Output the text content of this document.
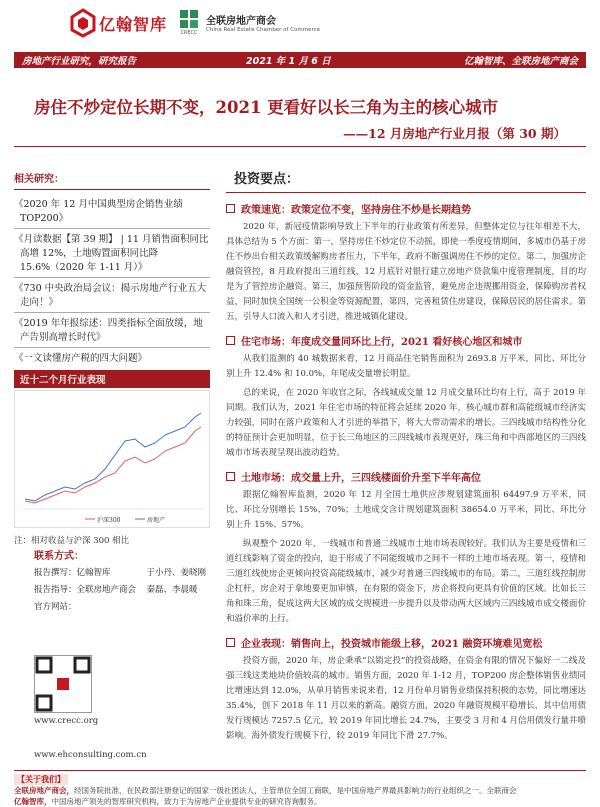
亿翰智库	CRECC
全联房地产商会
China Real Estate Chamber of Commerce
房地产行业研究，研究报告	2021 年 1 月 6 日	亿翰智库、全联房地产商会
房住不炒定位长期不变，2021 更看好以长三角为主的核心城市
——12 月房地产行业月报（第 30 期）
相关研究：
《2020 年 12 月中国典型房企销售业绩 TOP200》
《月读数据【第 39 期】 | 11 月销售面积同比高增 12%，土地购置面积同比降 15.6%（2020 年 1-11 月）》
《730 中央政治局会议：揭示房地产行业五大走向！》
《2019 年年报综述：四类指标全面放缓，地产告别高增长时代》
《一文读懂房产税的四大问题》
近十二个月行业表现
沪深300	房地产
注：相对收益与沪深 300 相比
联系方式：
报告撰写： 亿翰智库	于小丹、姜晓刚
报告指导： 全联房地产商会	秦磊、李晨暖
官方网站：
www.crecc.org
www.ehconsulting.com.cn
投资要点：
政策速览：政策定位不变，坚持房住不炒是长期趋势

2020 年，新冠疫情影响导致上下半年的行业政策有所差异，但整体定位与往年相差不大，具体总结为 5 个方面：第一，坚持房住不炒定位不动摇，即使一季度疫情期间，多城市仍基于房住不炒出台相关政策缓解购房者压力，下半年，政府不断强调房住不炒的定位。第二，加强房企融资管控，8 月政府提出三道红线，12 月底针对银行建立房地产贷款集中度管理制度，目的均是为了管控房企融资。第三，加强预售阶段的资金监管，避免房企违规挪用资金，保障购房者权益，同时加快全国统一公积金等资源配置，第四，完善租赁住房建设，保障居民的居住需求。第五，引导人口流入和人才引进，推进城镇化建设。

住宅市场：年度成交量同环比上行，2021 看好核心地区和城市

从我们监测的 40 城数据来看，12 月商品住宅销售面积为 2693.8 万平米，同比、环比分别上升 12.4% 和 10.0%，年尾成交量增长明显。

总的来说，在 2020 年收官之际，各线城成交量 12 月成交量环比均有上行，高于 2019 年同期。我们认为，2021 年住宅市场的特征将会延续 2020 年，核心城市群和高能级城市经济实力较强，同时在落户政策和人才引进的举措下，将大大带动需求的增长。三四线城市结构性分化的特征预计会更加明显，位于长三角地区的三四线城市表现更好，珠三角和中西部地区的三四线城市市场表现呈现出波动趋势。

土地市场：成交量上升，三四线楼面价升至下半年高位

跟据亿翰智库监测，2020 年 12 月全国土地供应涉规划建筑面积 64497.9 万平米，同比、环比分别增长 15%、70%；土地成交含计规划建筑面积 38654.0 万平米，同比、环比分别上升 15%、57%。

纵观整个 2020 年，一线城市和普通二线城市土地市场表现较好。我们认为主要是疫情和三道红线影响了资金的投向，迫于形成了不同能级城市之间不一样的土地市场表现。第一，疫情和三道红线使房企更倾向投资高能级城市，减少对普通三四线城市的布局。第二，三道红线控制房企杠杆，房企对于拿地要更加审慎，在有限的资金下，房企将投向更具有价值的区域。比如长三角和珠三角，促成这两大区域的成交规模进一步提升以及带动两大区域内三四线城市成交楼面价和溢价率的上行。

企业表现：销售向上，投资城市能级上移，2021 融资环境难见宽松

投资方面，2020 年，房企秉承“以销定投”的投资战略，在资金有限的情况下偏好一二线及强三线这类地块价值较高的城市。销售方面，2020 年 1-12 月，TOP200 房企整体销售业绩同比增速达到 12.0%，从单月销售来说来看，12 月份单月销售业绩保持积极的态势，同比增速达 35.4%，创下 2018 年 11 月以来的新高。融资方面，2020 年融资规模平稳增长，其中信用债发行规模达 7257.5 亿元，较 2019 年同比增长 24.7%，主要受 3 月和 4 月信用债发行量井喷影响。海外债发行规模下行，较 2019 年同比下滑 27.7%。

【关于我们】
全联房地产商会，经国务院批准，在民政部注册登记的国家一级社团法人，主管单位全国工商联，是中国房地产界最具影响力的行业组织之一。全联商会
亿翰智库，中国房地产领先的智库研究机构，致力于为房地产企业提供专业的研究咨询服务。
